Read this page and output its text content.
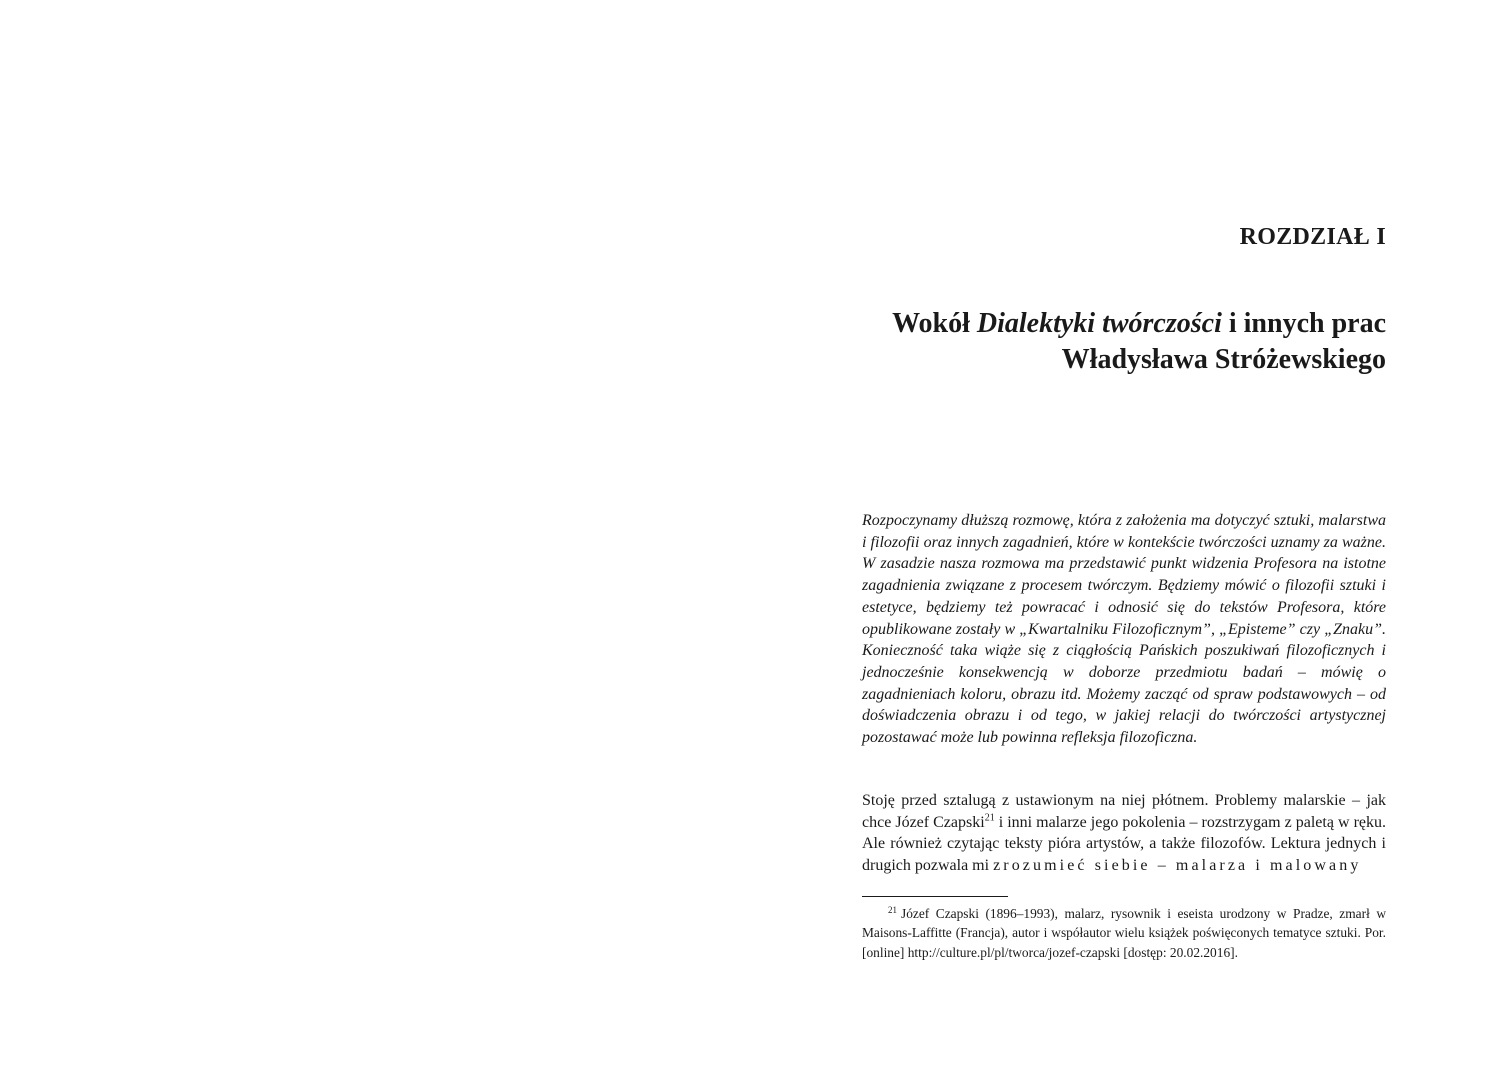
ROZDZIAŁ I
Wokół Dialektyki twórczości i innych prac
Władysława Stróżewskiego

Rozpoczynamy dłuższą rozmowę, która z założenia ma dotyczyć sztuki, malarstwa i filozofii oraz innych zagadnień, które w kontekście twórczości uznamy za ważne. W zasadzie nasza rozmowa ma przedstawić punkt widzenia Profesora na istotne zagadnienia związane z procesem twórczym. Będziemy mówić o filozofii sztuki i estetyce, będziemy też powracać i odnosić się do tekstów Profesora, które opublikowane zostały w „Kwartalniku Filozoficznym”, „Episteme” czy „Znaku”. Konieczność taka wiąże się z ciągłością Pańskich poszukiwań filozoficznych i jednocześnie konsekwencją w doborze przedmiotu badań – mówię o zagadnieniach koloru, obrazu itd. Możemy zacząć od spraw podstawowych – od doświadczenia obrazu i od tego, w jakiej relacji do twórczości artystycznej pozostawać może lub powinna refleksja filozoficzna.

Stoję przed sztalugą z ustawionym na niej płótnem. Problemy malarskie – jak chce Józef Czapski$^{21}$ i inni malarze jego pokolenia – rozstrzygam z paletą w ręku. Ale również czytając teksty pióra artystów, a także filozofów. Lektura jednych i drugich pozwala mi zrozumieć siebie – malarza i malowany

$^{21}$ Józef Czapski (1896–1993), malarz, rysownik i eseista urodzony w Pradze, zmarł w Maisons-Laffitte (Francja), autor i współautor wielu książek poświęconych tematyce sztuki. Por. [online] http://culture.pl/pl/tworca/jozef-czapski [dostęp: 20.02.2016].
